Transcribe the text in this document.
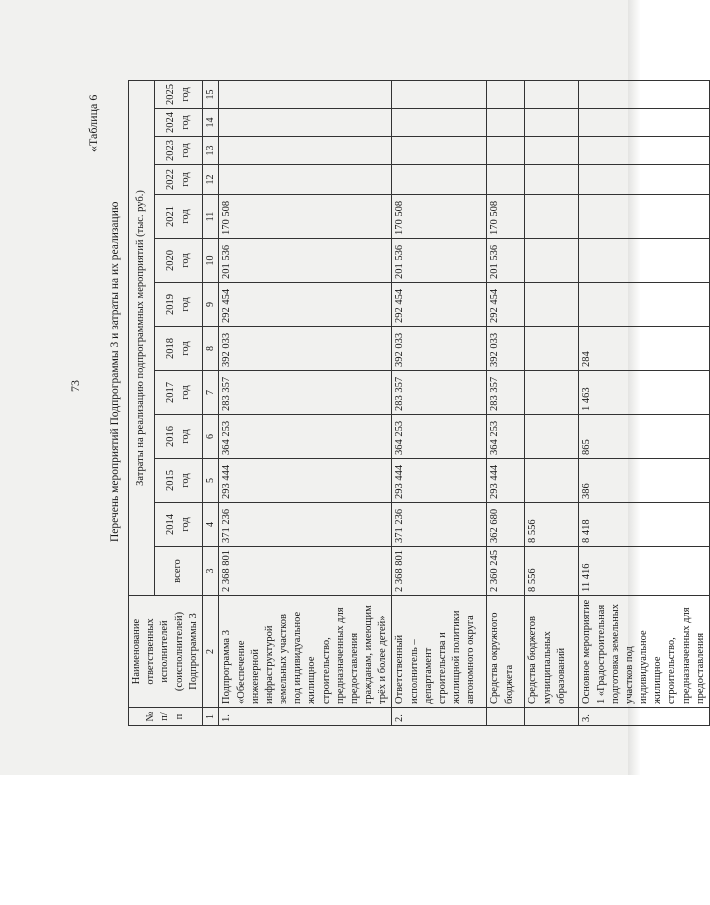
73
«Таблица 6
Перечень мероприятий Подпрограммы 3 и затраты на их реализацию
№ п/п	Наименование ответственных исполнителей (соисполнителей) Подпрограммы 3	Затраты на реализацию подпрограммных мероприятий (тыс. руб.)												
		всего	2014 год	2015 год	2016 год	2017 год	2018 год	2019 год	2020 год	2021 год	2022 год	2023 год	2024 год	2025 год
1	2	3	4	5	6	7	8	9	10	11	12	13	14	15
1.	Подпрограмма 3 «Обеспечение инженерной инфраструктурой земельных участков под индивидуальное жилищное строительство, предназначенных для предоставления гражданам, имеющим трёх и более детей»	2 368 801	371 236	293 444	364 253	283 357	392 033	292 454	201 536	170 508				
2.	Ответственный исполнитель – департамент строительства и жилищной политики автономного округа	2 368 801	371 236	293 444	364 253	283 357	392 033	292 454	201 536	170 508				
	Средства окружного бюджета	2 360 245	362 680	293 444	364 253	283 357	392 033	292 454	201 536	170 508				
	Средства бюджетов муниципальных образований	8 556	8 556											
3.	Основное мероприятие 1 «Градостроительная подготовка земельных участков под индивидуальное жилищное строительство, предназначенных для предоставления	11 416	8 418	386	865	1 463	284							
